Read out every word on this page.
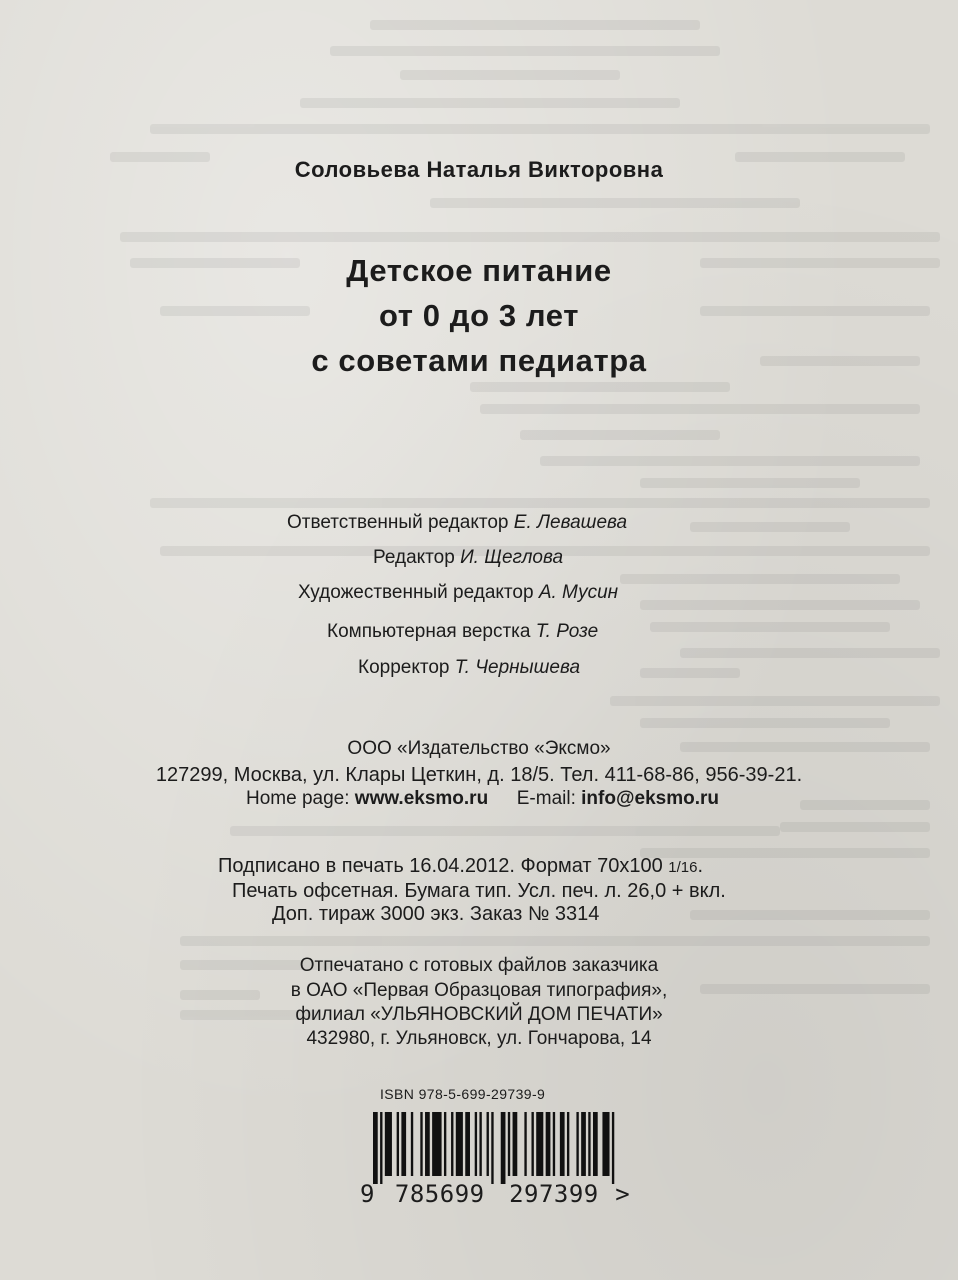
Соловьева Наталья Викторовна
Детское питание
от 0 до 3 лет
с советами педиатра
Ответственный редактор Е. Левашева
Редактор И. Щеглова
Художественный редактор А. Мусин
Компьютерная верстка Т. Розе
Корректор Т. Чернышева
ООО «Издательство «Эксмо»
127299, Москва, ул. Клары Цеткин, д. 18/5. Тел. 411-68-86, 956-39-21.
Home page: www.eksmo.ru E-mail: info@eksmo.ru
Подписано в печать 16.04.2012. Формат 70х100 1/16.
Печать офсетная. Бумага тип. Усл. печ. л. 26,0 + вкл.
Доп. тираж 3000 экз. Заказ № 3314
Отпечатано с готовых файлов заказчика
в ОАО «Первая Образцовая типография»,
филиал «УЛЬЯНОВСКИЙ ДОМ ПЕЧАТИ»
432980, г. Ульяновск, ул. Гончарова, 14
ISBN 978-5-699-29739-9
9 785699 297399 >
